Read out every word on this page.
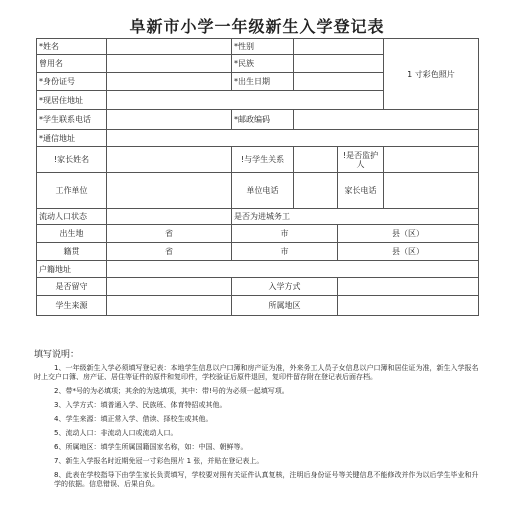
阜新市小学一年级新生入学登记表
*姓名		*性别			1 寸彩色照片
曾用名		*民族			
*身份证号		*出生日期			
*现居住地址					
*学生联系电话		*邮政编码			
*通信地址					
!家长姓名		!与学生关系		!是否监护人	
工作单位		单位电话		家长电话	
流动人口状态		是否为进城务工			
出生地	省	市		县（区）	
籍贯	省	市		县（区）	
户籍地址					
是否留守		入学方式			
学生来源		所属地区			
填写说明：
1、一年级新生入学必须填写登记表：本地学生信息以户口簿和房产证为准，外来务工人员子女信息以户口簿和居住证为准，新生入学报名时上交户口簿、房产证、居住等证件的原件和复印件，学校验证后原件退回，复印件留存附在登记表后面存档。
2、带*号的为必填项；其余的为选填项，其中：带!号的为必须一起填写项。
3、入学方式：填普通入学、民族班、体育特招或其他。
4、学生来源：填正常入学、借读、择校生或其他。
5、流动人口：非流动人口或流动人口。
6、所属地区：填学生所属国籍国家名称，如：中国、朝鲜等。
7、新生入学报名时近期免冠一寸彩色照片 1 张，并贴在登记表上。
8、此表在学校指导下由学生家长负责填写，学校要对照有关证件认真复核，注明后身份证号等关键信息不能修改并作为以后学生毕业和升学的依据。信息错误、后果自负。
